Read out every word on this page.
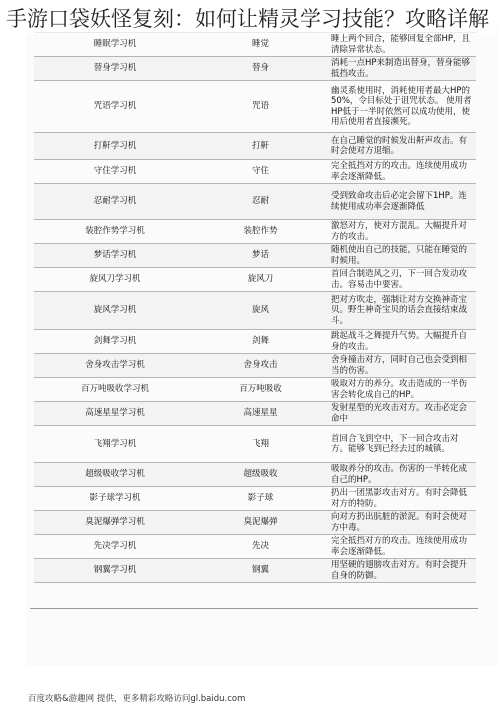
手游口袋妖怪复刻：如何让精灵学习技能？攻略详解
睡眠学习机	睡觉	睡上两个回合，能够回复全部HP，且清除异常状态。
替身学习机	替身	消耗一点HP来制造出替身，替身能够抵挡攻击。
咒语学习机	咒语	幽灵系使用时，消耗使用者最大HP的50%，令目标处于诅咒状态。 使用者HP低于一半时依然可以成功使用，使用后使用者直接濒死。
打鼾学习机	打鼾	在自己睡觉的时候发出鼾声攻击。有时会使对方退缩。
守住学习机	守住	完全抵挡对方的攻击。连续使用成功率会逐渐降低。
忍耐学习机	忍耐	受到致命攻击后必定会留下1HP。连续使用成功率会逐渐降低
装腔作势学习机	装腔作势	激怒对方，使对方混乱。大幅提升对方的攻击。
梦话学习机	梦话	随机使出自己的技能，只能在睡觉的时候用。
旋风刀学习机	旋风刀	首回合制造风之刃，下一回合发动攻击。容易击中要害。
旋风学习机	旋风	把对方吹走，强制让对方交换神奇宝贝。野生神奇宝贝的话会直接结束战斗。
剑舞学习机	剑舞	跳起战斗之舞提升气势。大幅提升自身的攻击。
舍身攻击学习机	舍身攻击	舍身撞击对方，同时自己也会受到相当的伤害。
百万吨吸收学习机	百万吨吸收	吸取对方的养分。攻击造成的一半伤害会转化成自己的HP。
高速星星学习机	高速星星	发射星型的光攻击对方。攻击必定会命中
飞翔学习机	飞翔	首回合飞到空中，下一回合攻击对方。能够飞到已经去过的城镇。
超级吸收学习机	超级吸收	吸取养分的攻击。伤害的一半转化成自己的HP。
影子球学习机	影子球	扔出一团黑影攻击对方。有时会降低对方的特防。
臭泥爆弹学习机	臭泥爆弹	向对方扔出肮脏的淤泥。有时会使对方中毒。
先决学习机	先决	完全抵挡对方的攻击。连续使用成功率会逐渐降低。
钢翼学习机	钢翼	用坚硬的翅膀攻击对方。有时会提升自身的防御。
百度攻略&游趣网 提供，更多精彩攻略访问gl.baidu.com
